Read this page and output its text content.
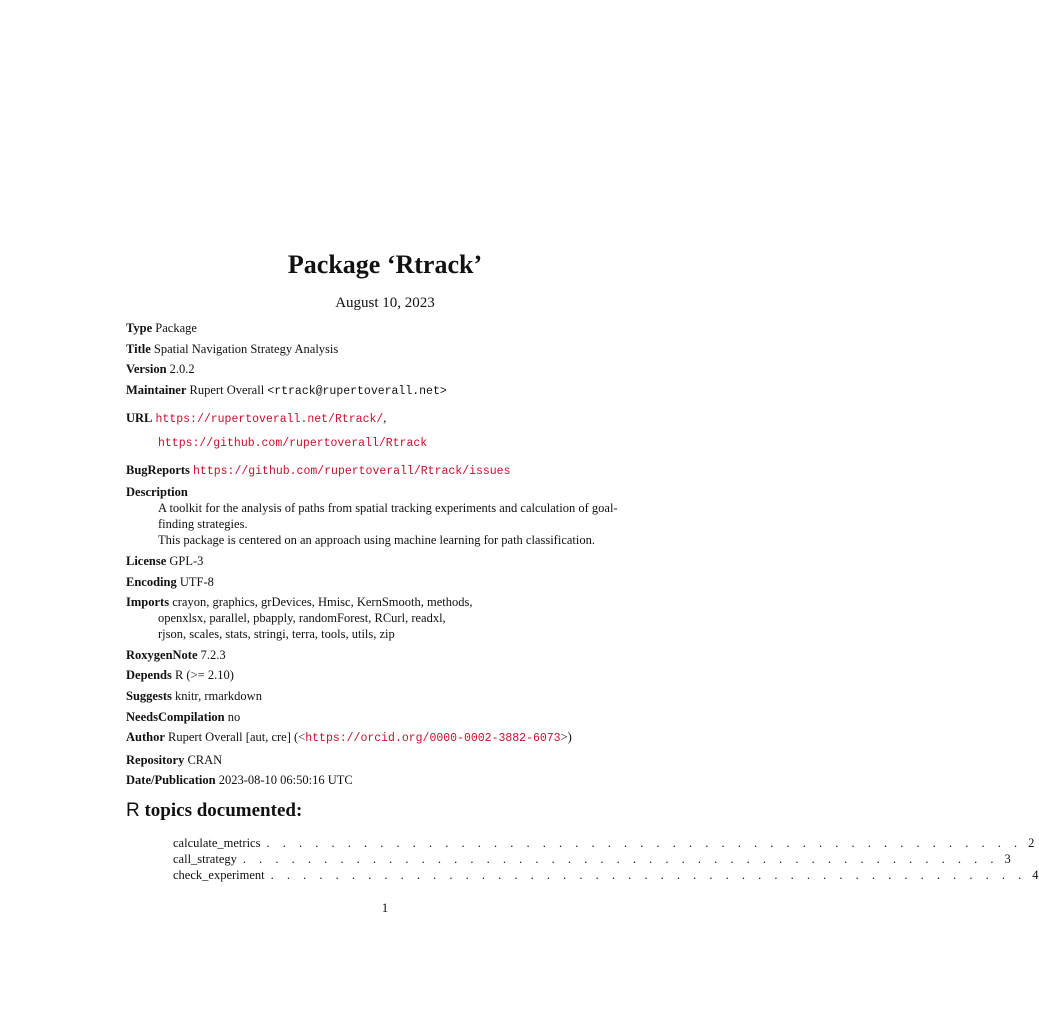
Package ‘Rtrack’
August 10, 2023
Type Package
Title Spatial Navigation Strategy Analysis
Version 2.0.2
Maintainer Rupert Overall <rtrack@rupertoverall.net>
URL https://rupertoverall.net/Rtrack/,
https://github.com/rupertoverall/Rtrack
BugReports https://github.com/rupertoverall/Rtrack/issues
Description
A toolkit for the analysis of paths from spatial tracking experiments and calculation of goal-
finding strategies.
This package is centered on an approach using machine learning for path classification.
License GPL-3
Encoding UTF-8
Imports crayon, graphics, grDevices, Hmisc, KernSmooth, methods,
openxlsx, parallel, pbapply, randomForest, RCurl, readxl,
rjson, scales, stats, stringi, terra, tools, utils, zip
RoxygenNote 7.2.3
Depends R (>= 2.10)
Suggests knitr, rmarkdown
NeedsCompilation no
Author Rupert Overall [aut, cre] (<https://orcid.org/0000-0002-3882-6073>)
Repository CRAN
Date/Publication 2023-08-10 06:50:16 UTC
R topics documented:
calculate_metrics . . . . . . . . . . . . . . . . . . . . . . . . . . . . . . . . . . . . . . . . . . . . . . . 2
call_strategy . . . . . . . . . . . . . . . . . . . . . . . . . . . . . . . . . . . . . . . . . . . . . . . 3
check_experiment . . . . . . . . . . . . . . . . . . . . . . . . . . . . . . . . . . . . . . . . . . . . . . . 4
1
